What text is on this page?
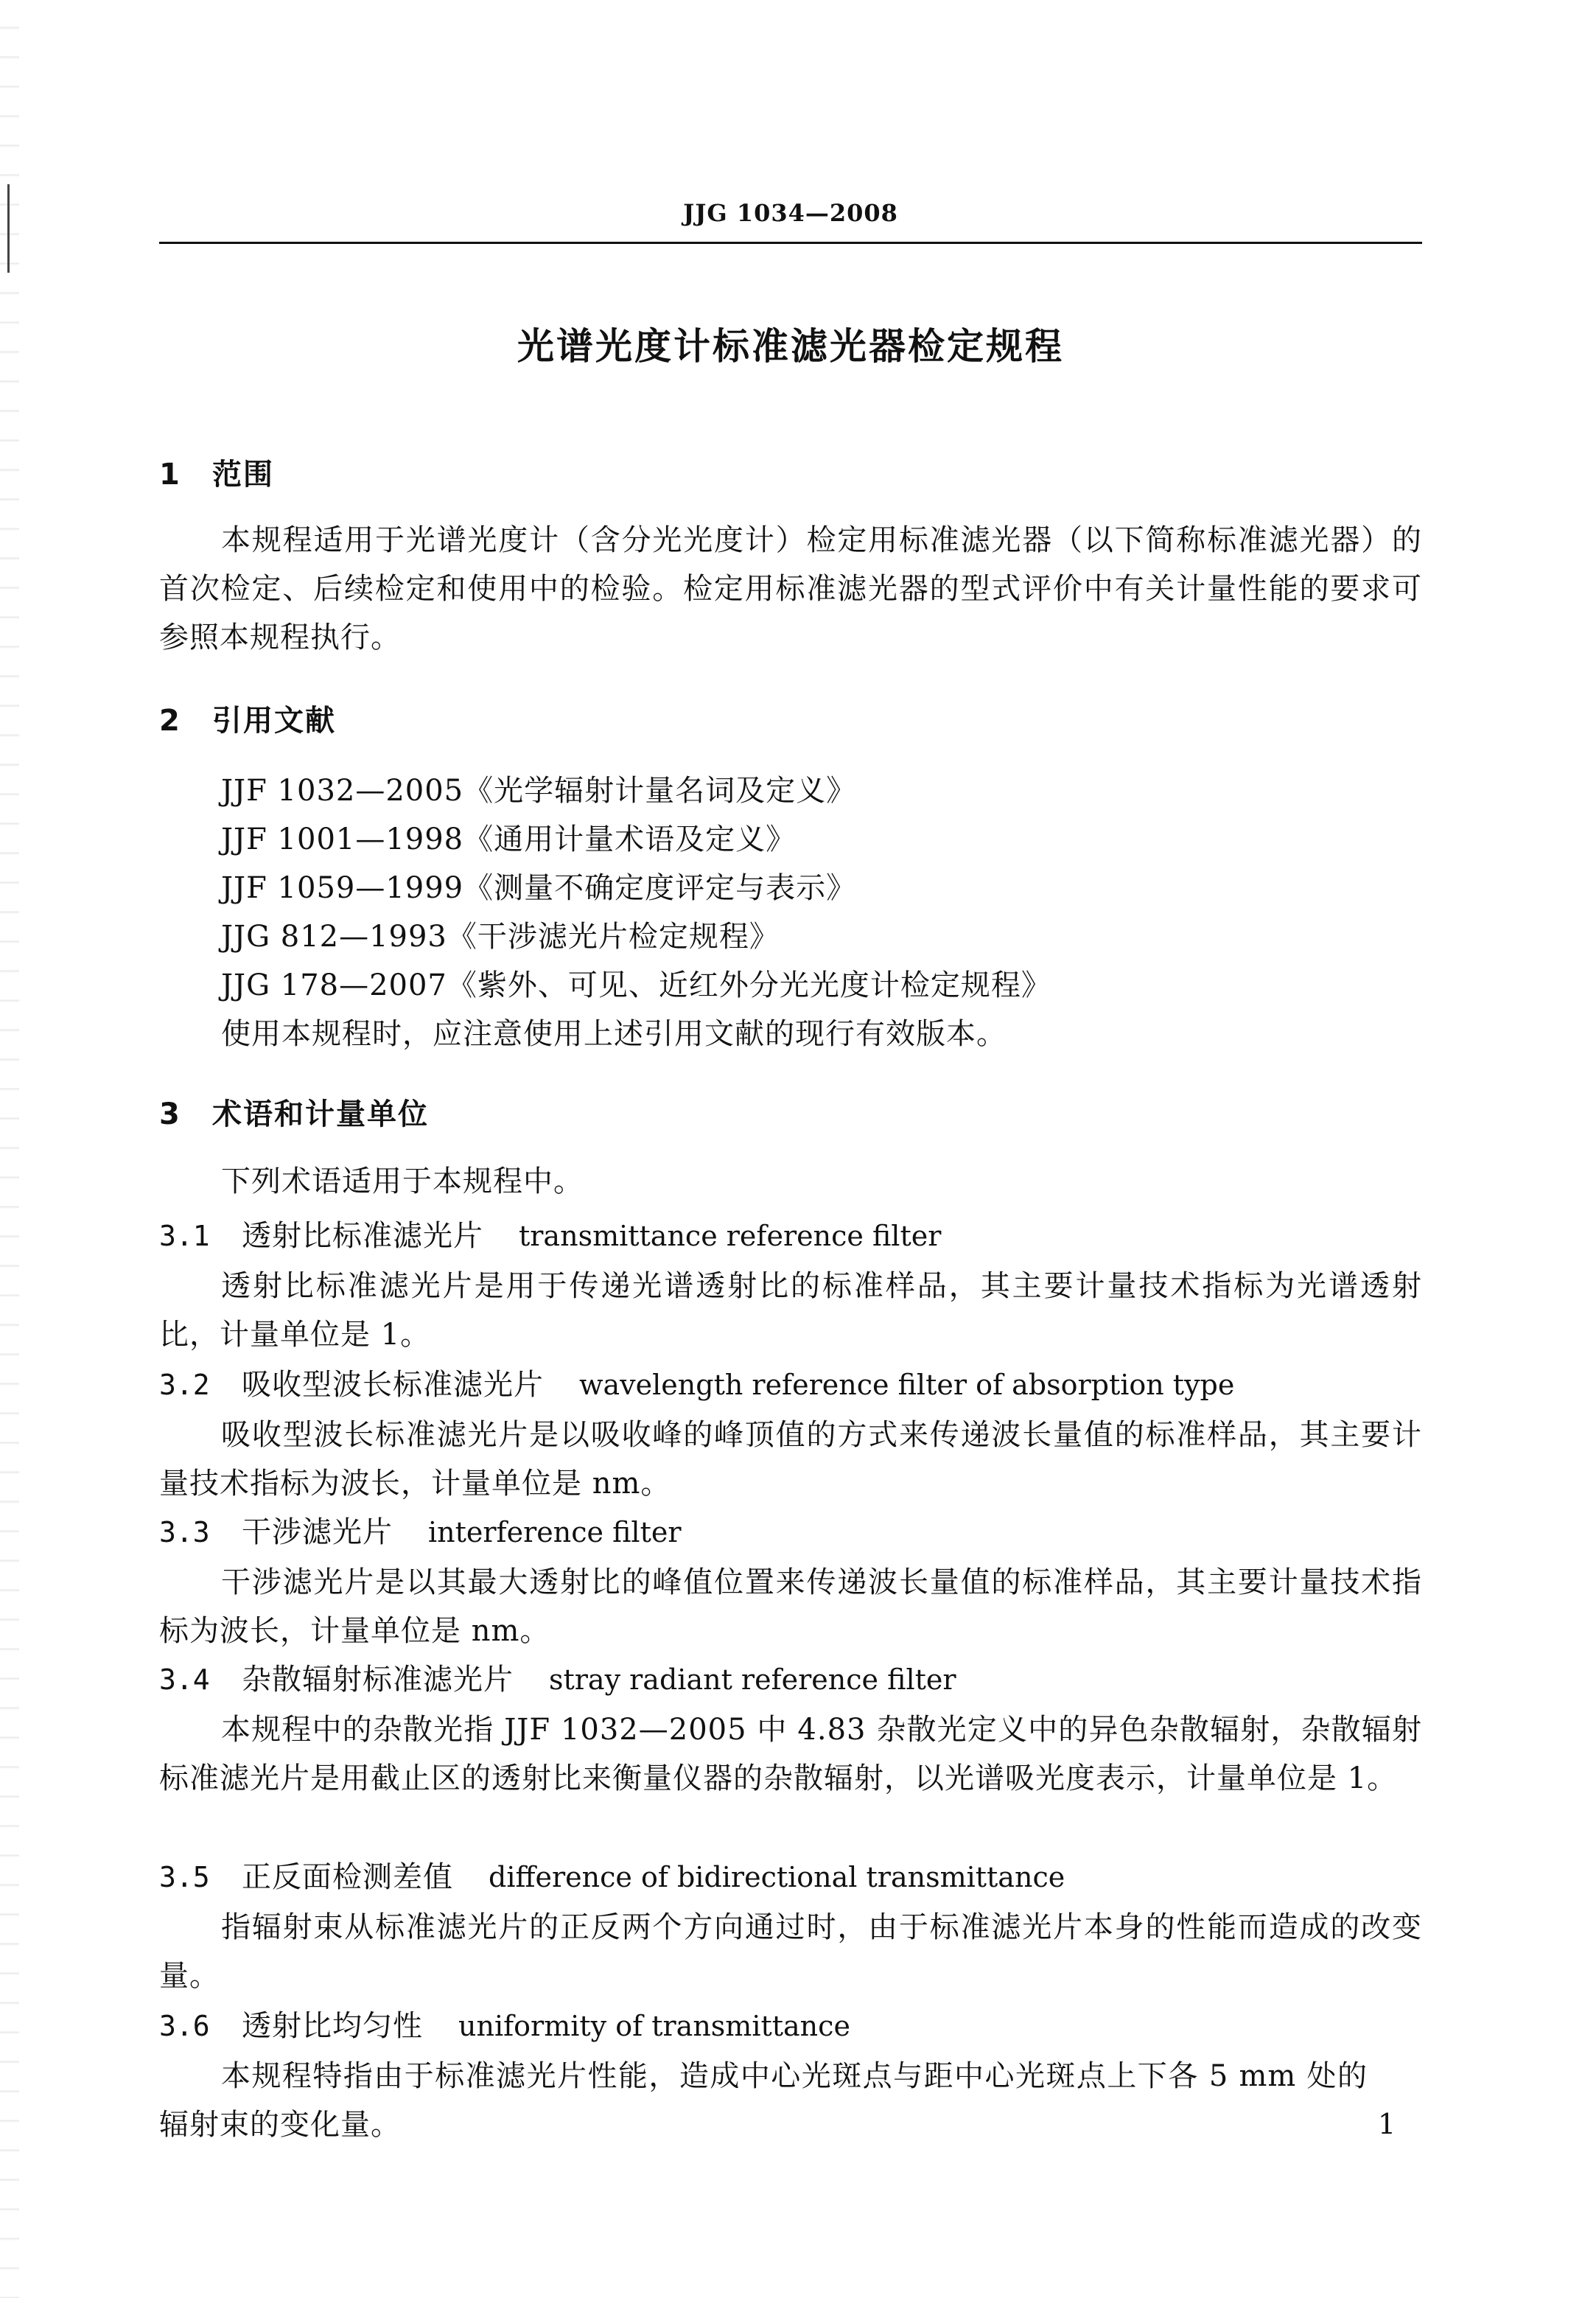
JJG 1034—2008
光谱光度计标准滤光器检定规程
1 范围
本规程适用于光谱光度计（含分光光度计）检定用标准滤光器（以下简称标准滤光器）的首次检定、后续检定和使用中的检验。检定用标准滤光器的型式评价中有关计量性能的要求可参照本规程执行。
2 引用文献
JJF 1032—2005《光学辐射计量名词及定义》
JJF 1001—1998《通用计量术语及定义》
JJF 1059—1999《测量不确定度评定与表示》
JJG 812—1993《干涉滤光片检定规程》
JJG 178—2007《紫外、可见、近红外分光光度计检定规程》
使用本规程时，应注意使用上述引用文献的现行有效版本。
3 术语和计量单位
下列术语适用于本规程中。
3.1 透射比标准滤光片 transmittance reference filter
透射比标准滤光片是用于传递光谱透射比的标准样品，其主要计量技术指标为光谱透射比，计量单位是 1。
3.2 吸收型波长标准滤光片 wavelength reference filter of absorption type
吸收型波长标准滤光片是以吸收峰的峰顶值的方式来传递波长量值的标准样品，其主要计量技术指标为波长，计量单位是 nm。
3.3 干涉滤光片 interference filter
干涉滤光片是以其最大透射比的峰值位置来传递波长量值的标准样品，其主要计量技术指标为波长，计量单位是 nm。
3.4 杂散辐射标准滤光片 stray radiant reference filter
本规程中的杂散光指 JJF 1032—2005 中 4.83 杂散光定义中的异色杂散辐射，杂散辐射标准滤光片是用截止区的透射比来衡量仪器的杂散辐射，以光谱吸光度表示，计量单位是 1。
3.5 正反面检测差值 difference of bidirectional transmittance
指辐射束从标准滤光片的正反两个方向通过时，由于标准滤光片本身的性能而造成的改变量。
3.6 透射比均匀性 uniformity of transmittance
本规程特指由于标准滤光片性能，造成中心光斑点与距中心光斑点上下各 5 mm 处的辐射束的变化量。	1
